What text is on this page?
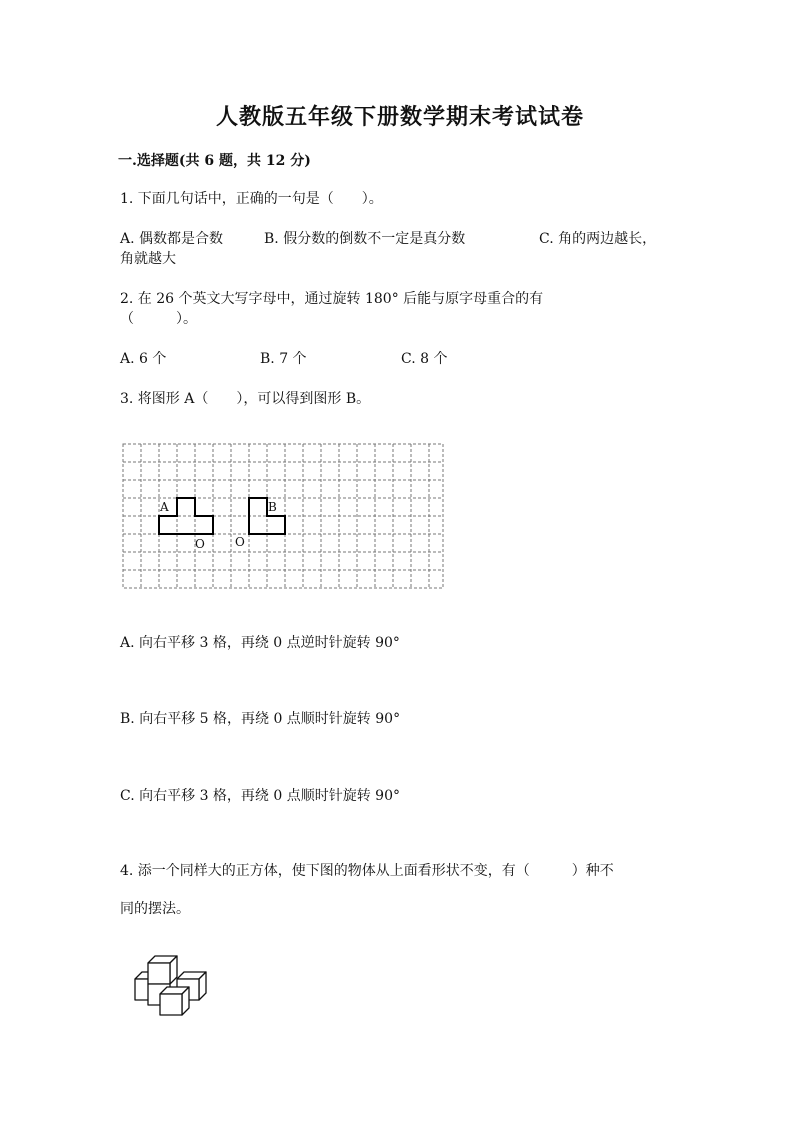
人教版五年级下册数学期末考试试卷
一.选择题(共 6 题，共 12 分)
1. 下面几句话中，正确的一句是（　　）。
A. 偶数都是合数	B. 假分数的倒数不一定是真分数	C. 角的两边越长，
角就越大
2. 在 26 个英文大写字母中，通过旋转 180° 后能与原字母重合的有
（　　　）。
A. 6 个	B. 7 个	C. 8 个
3. 将图形 A（　　），可以得到图形 B。
A	B
O	O
A. 向右平移 3 格，再绕 0 点逆时针旋转 90°
B. 向右平移 5 格，再绕 0 点顺时针旋转 90°
C. 向右平移 3 格，再绕 0 点顺时针旋转 90°
4. 添一个同样大的正方体，使下图的物体从上面看形状不变，有（　　　）种不
同的摆法。
